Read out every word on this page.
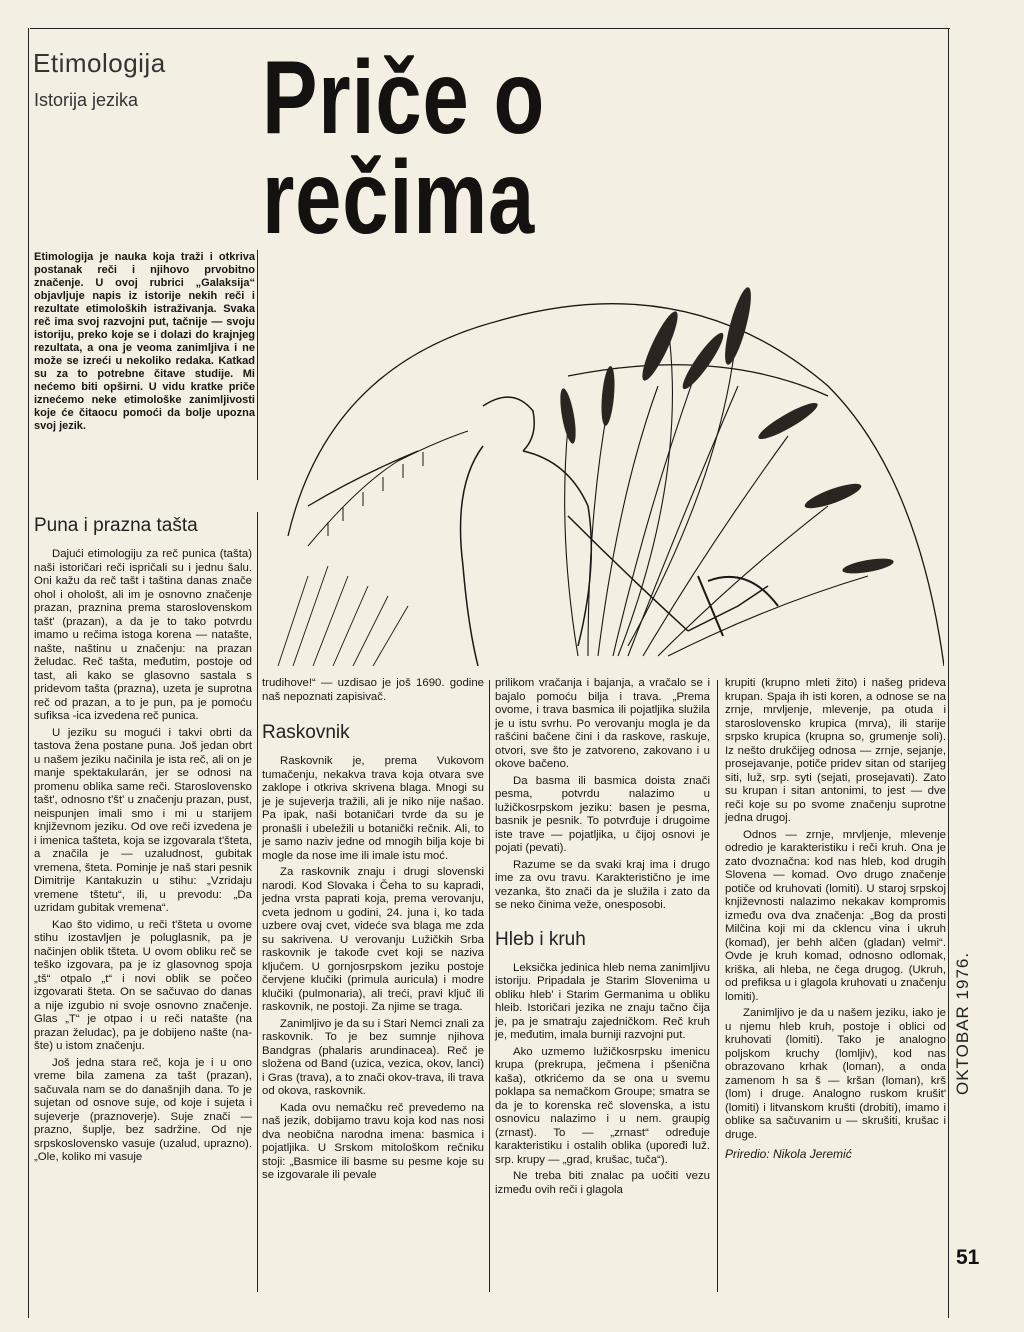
Etimologija
Istorija jezika Priče o rečima
Etimologija je nauka koja traži i otkriva postanak reči i njihovo prvobitno značenje. U ovoj rubrici „Galaksija“ objavljuje napis iz istorije nekih reči i rezultate etimoloških istraživanja. Svaka reč ima svoj razvojni put, tačnije — svoju istoriju, preko koje se i dolazi do krajnjeg rezultata, a ona je veoma zanimljiva i ne može se izreći u nekoliko redaka. Katkad su za to potrebne čitave studije. Mi nećemo biti opširni. U vidu kratke priče iznećemo neke etimološke zanimljivosti koje će čitaocu pomoći da bolje upozna svoj jezik.
Puna i prazna tašta

Dajući etimologiju za reč punica (tašta) naši istoričari reči ispričali su i jednu šalu. Oni kažu da reč tašt i taština danas znače ohol i ohološt, ali im je osnovno značenje prazan, praznina prema staroslovenskom tašt' (prazan), a da je to tako potvrdu imamo u rečima istoga korena — natašte, našte, naštinu u značenju: na prazan želudac. Reč tašta, međutim, postoje od tast, ali kako se glasovno sastala s pridevom tašta (prazna), uzeta je suprotna reč od prazan, a to je pun, pa je pomoću sufiksa -ica izvedena reč punica.

U jeziku su mogući i takvi obrti da tastova žena postane puna. Još jedan obrt u našem jeziku načinila je ista reč, ali on je manje spektakularán, jer se odnosi na promenu oblika same reči. Staroslovensko tašt', odnosno t'št' u značenju prazan, pust, neispunjen imali smo i mi u starijem književnom jeziku. Od ove reči izvedena je i imenica taštetа, koja se izgovarala t'šteta, a značila je — uzaludnost, gubitak vremena, šteta. Pominje je naš stari pesnik Dimitrije Kantakuzin u stihu: „Vzridaju vremene tštetu“, ili, u prevodu: „Da uzridam gubitak vremena“.

Kao što vidimo, u reči t'šteta u ovome stihu izostavljen je poluglasnik, pa je načinjen oblik tštetа. U ovom obliku reč se teško izgovara, pa je iz glasovnog spoja „tš“ otpalo „t“ i novi oblik se počeo izgovarati šteta. On se sačuvao do danas a nije izgubio ni svoje osnovno značenje. Glas „T“ je otpao i u reči natašte (na prazan želudac), pa je dobijeno našte (na-šte) u istom značenju.

Još jedna stara reč, koja je i u ono vreme bila zamena za tašt (prazan), sačuvala nam se do današnjih dana. To je sujetan od osnove suje, od koje i sujeta i sujeverje (praznoverje). Suje znači — prazno, šuplje, bez sadržine. Od nje srpskoslovensko vasuje (uzalud, uprazno). „Ole, koliko mi vasuje

trudihove!“ — uzdisao je još 1690. godine naš nepoznati zapisivač.

Raskovnik

Raskovnik je, prema Vukovom tumačenju, nekakva trava koja otvara sve zaklope i otkriva skrivena blaga. Mnogi su je je sujeverja tražili, ali je niko nije našao. Pa ipak, naši botaničari tvrde da su je pronašli i ubeležili u botanički rečnik. Ali, to je samo naziv jedne od mnogih bilja koje bi mogle da nose ime ili imale istu moć.

Za raskovnik znaju i drugi slovenski narodi. Kod Slovaka i Čeha to su kapradi, jedna vrsta paprati koja, prema verovanju, cveta jednom u godini, 24. juna i, ko tada uzbere ovaj cvet, videće sva blaga me zda su sakrivena. U verovanju Lužičkih Srba raskovnik je takođe cvet koji se naziva ključem. U gornjosrpskom jeziku postoje červjene klučiki (primula auricula) i modre klučiki (pulmonaria), ali treći, pravi ključ ili raskovnik, ne postoji. Za njime se traga.

Zanimljivo je da su i Stari Nemci znali za raskovnik. To je bez sumnje njihova Bandgras (phalaris arundinacea). Reč je složena od Band (uzica, vezica, okov, lanci) i Gras (trava), a to znači okov-trava, ili trava od okova, raskovnik.

Kada ovu nemačku reč prevedemo na naš jezik, dobijamo travu koja kod nas nosi dva neobična narodna imena: basmica i pojatljika. U Srskom mitološkom rečniku stoji: „Basmice ili basme su pesme koje su se izgovarale ili pevale

prilikom vračanja i bajanja, a vračalo se i bajalo pomoću bilja i trava. „Prema ovome, i trava basmica ili pojatljika služila je u istu svrhu. Po verovanju mogla je da rašćini bačene čini i da raskove, raskuje, otvori, sve što je zatvoreno, zakovano i u okove bačeno.

Da basma ili basmica doista znači pesma, potvrdu nalazimo u lužičkosrpskom jeziku: basen je pesma, basnik je pesnik. To potvrđuje i drugoime iste trave — pojatljika, u čijoj osnovi je pojati (pevati).

Razume se da svaki kraj ima i drugo ime za ovu travu. Karakteristično je ime vezanka, što znači da je služila i zato da se neko činima veže, onesposobi.

Hleb i kruh

Leksička jedinica hleb nema zanimljivu istoriju. Pripadala je Starim Slovenima u obliku hleb' i Starim Germanima u obliku hleib. Istoričari jezika ne znaju tačno čija je, pa je smatraju zajedničkom. Reč kruh je, međutim, imala burniji razvojni put.

Ako uzmemo lužičkosrpsku imenicu krupa (prekrupa, ječmena i pšenična kaša), otkrićemo da se ona u svemu poklapa sa nemačkom Groupe; smatra se da je to korenska reč slovenska, a istu osnovicu nalazimo i u nem. graupig (zrnast). To — „zrnast“ određuje karakteristiku i ostalih oblika (upoređi luž. srp. krupy — „grad, krušac, tuča“).

Ne treba biti znalac pa uočiti vezu između ovih reči i glagola

krupiti (krupno mleti žito) i našeg prideva krupan. Spaja ih isti koren, a odnose se na zrnje, mrvljenje, mlevenje, pa otuda i staroslovensko krupica (mrva), ili starije srpsko krupica (krupna so, grumenje soli). Iz nešto drukčijeg odnosa — zrnje, sejanje, prosejavanje, potiče pridev sitan od starijeg siti, luž, srp. syti (sejati, prosejavati). Zato su krupan i sitan antonimi, to jest — dve reči koje su po svome značenju suprotne jedna drugoj.

Odnos — zrnje, mrvljenje, mlevenje odredio je karakteristiku i reči kruh. Ona je zato dvoznačna: kod nas hleb, kod drugih Slovena — komad. Ovo drugo značenje potiče od kruhovati (lomiti). U staroj srpskoj književnosti nalazimo nekakav kompromis između ova dva značenja: „Bog da prosti Milčina koji mi da cklencu vina i ukruh (komad), jer behh alčen (gladan) velmi“. Ovde je kruh komad, odnosno odlomak, kriška, ali hleba, ne čega drugog. (Ukruh, od prefiksa u i glagola kruhovati u značenju lomiti).

Zanimljivo je da u našem jeziku, iako je u njemu hleb kruh, postoje i oblici od kruhovati (lomiti). Tako je analogno poljskom kruchy (lomljiv), kod nas obrazovano krhak (loman), a onda zamenom h sa š — kršan (loman), krš (lom) i druge. Analogno ruskom krušit' (lomiti) i litvanskom krušti (drobiti), imamo i oblike sa sačuvanim u — skrušiti, krušac i druge.

Priredio: Nikola Jeremić
OKTOBAR 1976.
51
